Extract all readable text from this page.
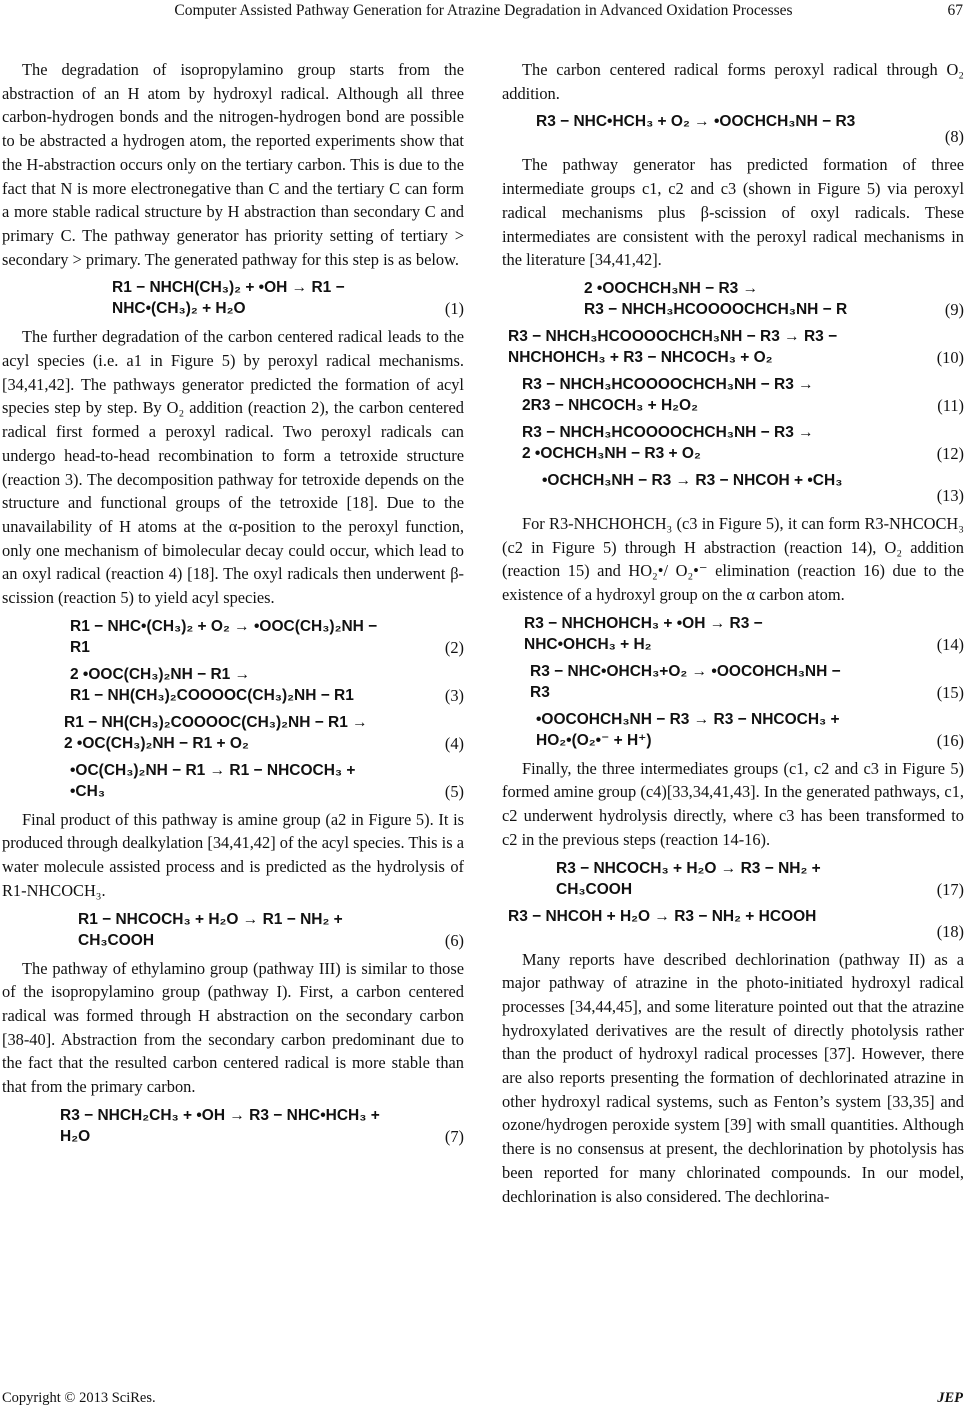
Computer Assisted Pathway Generation for Atrazine Degradation in Advanced Oxidation Processes	67

The degradation of isopropylamino group starts from the abstraction of an H atom by hydroxyl radical. Although all three carbon-hydrogen bonds and the nitrogen-hydrogen bond are possible to be abstracted a hydrogen atom, the reported experiments show that the H-abstraction occurs only on the tertiary carbon. This is due to the fact that N is more electronegative than C and the tertiary C can form a more stable radical structure by H abstraction than secondary C and primary C. The pathway generator has priority setting of tertiary > secondary > primary. The generated pathway for this step is as below.

R1 − NHCH(CH₃)₂ + •OH → R1 −
NHC•(CH₃)₂ + H₂O	(1)

The further degradation of the carbon centered radical leads to the acyl species (i.e. a1 in Figure 5) by peroxyl radical mechanisms. [34,41,42]. The pathways generator predicted the formation of acyl species step by step. By O₂ addition (reaction 2), the carbon centered radical first formed a peroxyl radical. Two peroxyl radicals can undergo head-to-head recombination to form a tetroxide structure (reaction 3). The decomposition pathway for tetroxide depends on the structure and functional groups of the tetroxide [18]. Due to the unavailability of H atoms at the α-position to the peroxyl function, only one mechanism of bimolecular decay could occur, which lead to an oxyl radical (reaction 4) [18]. The oxyl radicals then underwent β-scission (reaction 5) to yield acyl species.

R1 − NHC•(CH₃)₂ + O₂ → •OOC(CH₃)₂NH −
R1	(2)
2 •OOC(CH₃)₂NH − R1 →
R1 − NH(CH₃)₂COOOOC(CH₃)₂NH − R1	(3)
R1 − NH(CH₃)₂COOOOC(CH₃)₂NH − R1 →
2 •OC(CH₃)₂NH − R1 + O₂	(4)
•OC(CH₃)₂NH − R1 → R1 − NHCOCH₃ +
•CH₃	(5)

Final product of this pathway is amine group (a2 in Figure 5). It is produced through dealkylation [34,41,42] of the acyl species. This is a water molecule assisted process and is predicted as the hydrolysis of R1-NHCOCH₃.

R1 − NHCOCH₃ + H₂O → R1 − NH₂ +
CH₃COOH	(6)

The pathway of ethylamino group (pathway III) is similar to those of the isopropylamino group (pathway I). First, a carbon centered radical was formed through H abstraction on the secondary carbon [38-40]. Abstraction from the secondary carbon predominant due to the fact that the resulted carbon centered radical is more stable than that from the primary carbon.

R3 − NHCH₂CH₃ + •OH → R3 − NHC•HCH₃ +
H₂O	(7)

The carbon centered radical forms peroxyl radical through O₂ addition.

R3 − NHC•HCH₃ + O₂ → •OOCHCH₃NH − R3
(8)

The pathway generator has predicted formation of three intermediate groups c1, c2 and c3 (shown in Figure 5) via peroxyl radical mechanisms plus β-scission of oxyl radicals. These intermediates are consistent with the peroxyl radical mechanisms in the literature [34,41,42].

2 •OOCHCH₃NH − R3 →
R3 − NHCH₃HCOOOOCHCH₃NH − R	(9)
R3 − NHCH₃HCOOOOCHCH₃NH − R3 → R3 −
NHCHOHCH₃ + R3 − NHCOCH₃ + O₂	(10)
R3 − NHCH₃HCOOOOCHCH₃NH − R3 →
2R3 − NHCOCH₃ + H₂O₂	(11)
R3 − NHCH₃HCOOOOCHCH₃NH − R3 →
2 •OCHCH₃NH − R3 + O₂	(12)
•OCHCH₃NH − R3 → R3 − NHCOH + •CH₃
(13)

For R3-NHCHOHCH₃ (c3 in Figure 5), it can form R3-NHCOCH₃ (c2 in Figure 5) through H abstraction (reaction 14), O₂ addition (reaction 15) and HO₂•/ O₂•⁻ elimination (reaction 16) due to the existence of a hydroxyl group on the α carbon atom.

R3 − NHCHOHCH₃ + •OH → R3 −
NHC•OHCH₃ + H₂	(14)
R3 − NHC•OHCH₃+O₂ → •OOCOHCH₃NH −
R3	(15)
•OOCOHCH₃NH − R3 → R3 − NHCOCH₃ +
HO₂•(O₂•⁻ + H⁺)	(16)

Finally, the three intermediates groups (c1, c2 and c3 in Figure 5) formed amine group (c4)[33,34,41,43]. In the generated pathways, c1, c2 underwent hydrolysis directly, where c3 has been transformed to c2 in the previous steps (reaction 14-16).

R3 − NHCOCH₃ + H₂O → R3 − NH₂ +
CH₃COOH	(17)
R3 − NHCOH + H₂O → R3 − NH₂ + HCOOH
(18)

Many reports have described dechlorination (pathway II) as a major pathway of atrazine in the photo-initiated hydroxyl radical processes [34,44,45], and some literature pointed out that the atrazine hydroxylated derivatives are the result of directly photolysis rather than the product of hydroxyl radical processes [37]. However, there are also reports presenting the formation of dechlorinated atrazine in other hydroxyl radical systems, such as Fenton’s system [33,35] and ozone/hydrogen peroxide system [39] with small quantities. Although there is no consensus at present, the dechlorination by photolysis has been reported for many chlorinated compounds. In our model, dechlorination is also considered. The dechlorina-

Copyright © 2013 SciRes.	JEP
